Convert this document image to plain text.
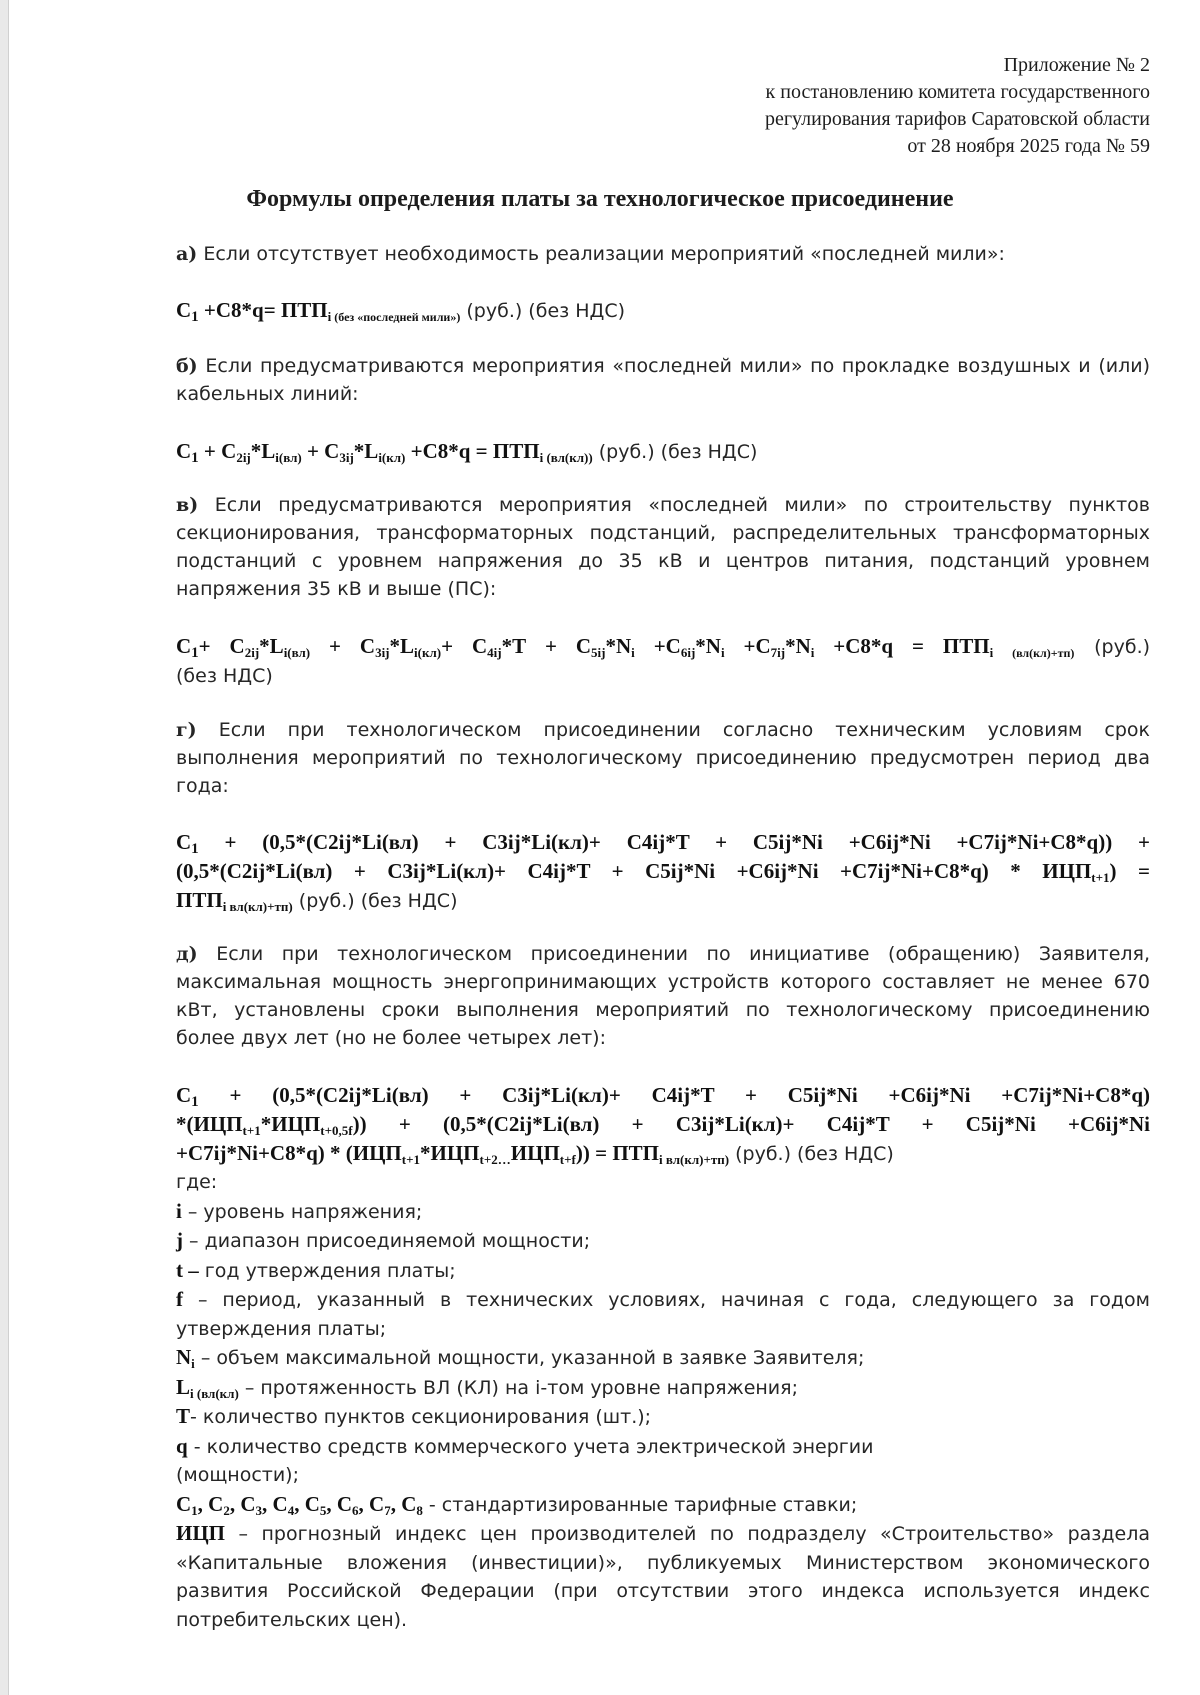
Приложение № 2
к постановлению комитета государственного
регулирования тарифов Саратовской области
от 28 ноября 2025 года № 59
Формулы определения платы за технологическое присоединение
а) Если отсутствует необходимость реализации мероприятий «последней мили»:
$С_1 +С8*q= ПТП_i$ $_{(без «последней мили»)}$ (руб.) (без НДС)
б) Если предусматриваются мероприятия «последней мили» по прокладке воздушных и (или)
кабельных линий:
$С_1 + С_{2ij}*L_{i(вл)} + С_{3ij}*L_{i(кл)} +С8*q = ПТП_{i (вл(кл))}$ (руб.) (без НДС)
в) Если предусматриваются мероприятия «последней мили» по строительству пунктов
секционирования, трансформаторных подстанций, распределительных трансформаторных
подстанций с уровнем напряжения до 35 кВ и центров питания, подстанций уровнем
напряжения 35 кВ и выше (ПС):
$С_1+ С_{2ij}*L_{i(вл)} + С_{3ij}*L_{i(кл)}+ С_{4ij}*Т + С_{5ij}*N_i +С_{6ij}*N_i +С_{7ij}*N_i +С8*q = ПТП_i$ $_{(вл(кл)+тп)}$ (руб.)
(без НДС)
г) Если при технологическом присоединении согласно техническим условиям срок
выполнения мероприятий по технологическому присоединению предусмотрен период два
года:
$С_1 + (0,5*(C2ij*Li(вл) + C3ij*Li(кл)+ C4ij*T + C5ij*Ni +C6ij*Ni +C7ij*Ni+C8*q))$ +
$(0,5*(C2ij*Li(вл) + C3ij*Li(кл)+ C4ij*T + C5ij*Ni +C6ij*Ni +C7ij*Ni+C8*q) * ИЦП_{t+1})$ =
$ПТП_{i вл(кл)+тп)}$ (руб.) (без НДС)
д) Если при технологическом присоединении по инициативе (обращению) Заявителя,
максимальная мощность энергопринимающих устройств которого составляет не менее 670
кВт, установлены сроки выполнения мероприятий по технологическому присоединению
более двух лет (но не более четырех лет):
$С_1 + (0,5*(C2ij*Li(вл) + C3ij*Li(кл)+ C4ij*T + C5ij*Ni +C6ij*Ni +C7ij*Ni+C8*q)$
$*(ИЦП_{t+1}*ИЦП_{t+0,5f})) + (0,5*(C2ij*Li(вл) + C3ij*Li(кл)+ C4ij*T + C5ij*Ni +C6ij*Ni$
$+C7ij*Ni+C8*q) * (ИЦП_{t+1}*ИЦП_{t+2\dots}ИЦП_{t+f})) = ПТП_{i вл(кл)+тп)}$ (руб.) (без НДС)
где:
i – уровень напряжения;
j – диапазон присоединяемой мощности;
t – год утверждения платы;
f – период, указанный в технических условиях, начиная с года, следующего за годом
утверждения платы;
$N_i$ – объем максимальной мощности, указанной в заявке Заявителя;
$L_{i (вл(кл)}$ – протяженность ВЛ (КЛ) на i-том уровне напряжения;
Т- количество пунктов секционирования (шт.);
q - количество средств коммерческого учета электрической энергии
(мощности);
$С_1$, $С_2$, $С_3$, $С_4$, $С_5$, $С_6$, $С_7$, $С_8$ - стандартизированные тарифные ставки;
ИЦП – прогнозный индекс цен производителей по подразделу «Строительство» раздела
«Капитальные вложения (инвестиции)», публикуемых Министерством экономического
развития Российской Федерации (при отсутствии этого индекса используется индекс
потребительских цен).
